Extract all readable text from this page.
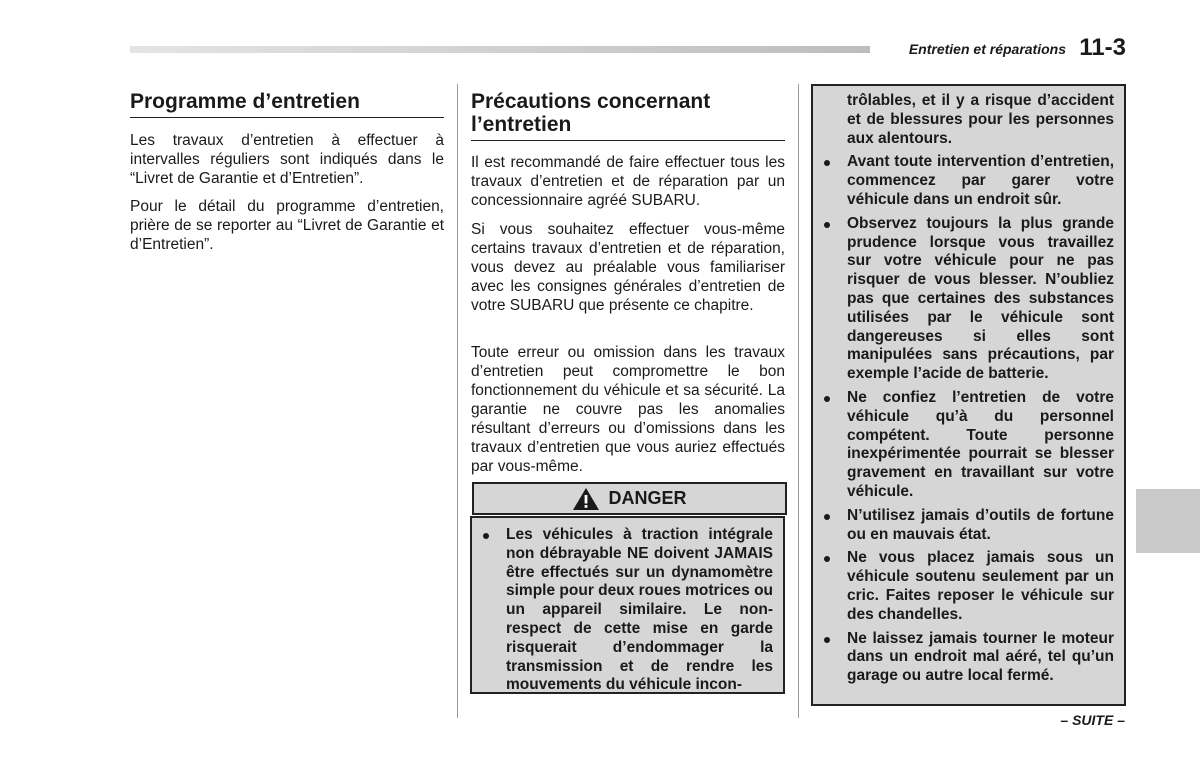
Entretien et réparations 11-3
Programme d’entretien
Les travaux d’entretien à effectuer à intervalles réguliers sont indiqués dans le “Livret de Garantie et d’Entretien”.
Pour le détail du programme d’entretien, prière de se reporter au “Livret de Garantie et d’Entretien”.
Précautions concernant l’entretien
Il est recommandé de faire effectuer tous les travaux d’entretien et de réparation par un concessionnaire agréé SUBARU.
Si vous souhaitez effectuer vous-même certains travaux d’entretien et de réparation, vous devez au préalable vous familiariser avec les consignes générales d’entretien de votre SUBARU que présente ce chapitre.
Toute erreur ou omission dans les travaux d’entretien peut compromettre le bon fonctionnement du véhicule et sa sécurité. La garantie ne couvre pas les anomalies résultant d’erreurs ou d’omissions dans les travaux d’entretien que vous auriez effectués par vous-même.
DANGER
Les véhicules à traction intégrale non débrayable NE doivent JAMAIS être effectués sur un dynamomètre simple pour deux roues motrices ou un appareil similaire. Le non-respect de cette mise en garde risquerait d’endommager la transmission et de rendre les mouvements du véhicule incon-
trôlables, et il y a risque d’accident et de blessures pour les personnes aux alentours.
Avant toute intervention d’entretien, commencez par garer votre véhicule dans un endroit sûr.
Observez toujours la plus grande prudence lorsque vous travaillez sur votre véhicule pour ne pas risquer de vous blesser. N’oubliez pas que certaines des substances utilisées par le véhicule sont dangereuses si elles sont manipulées sans précautions, par exemple l’acide de batterie.
Ne confiez l’entretien de votre véhicule qu’à du personnel compétent. Toute personne inexpérimentée pourrait se blesser gravement en travaillant sur votre véhicule.
N’utilisez jamais d’outils de fortune ou en mauvais état.
Ne vous placez jamais sous un véhicule soutenu seulement par un cric. Faites reposer le véhicule sur des chandelles.
Ne laissez jamais tourner le moteur dans un endroit mal aéré, tel qu’un garage ou autre local fermé.
– SUITE –
